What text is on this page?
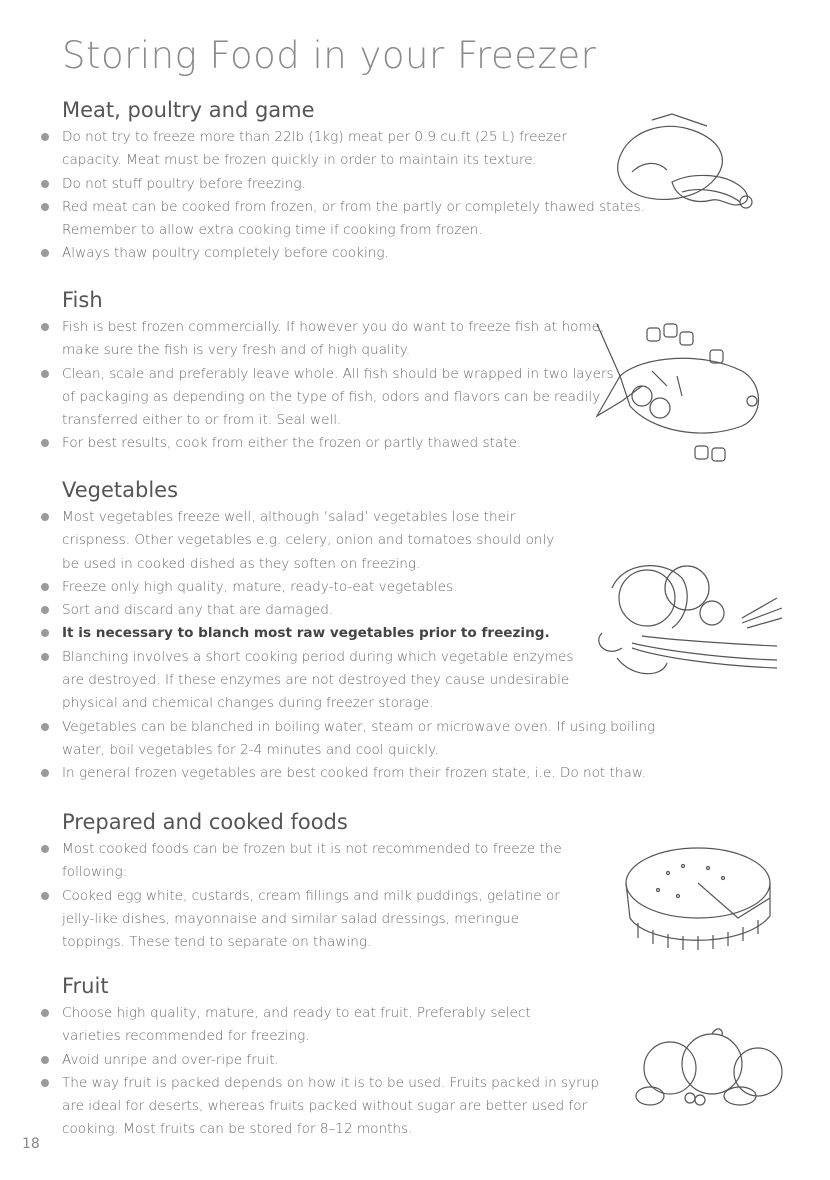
Storing Food in your Freezer
Meat, poultry and game
Do not try to freeze more than 22lb (1kg) meat per 0.9 cu.ft (25 L) freezer capacity. Meat must be frozen quickly in order to maintain its texture.
Do not stuff poultry before freezing.
Red meat can be cooked from frozen, or from the partly or completely thawed states. Remember to allow extra cooking time if cooking from frozen.
Always thaw poultry completely before cooking.
Fish
Fish is best frozen commercially. If however you do want to freeze fish at home, make sure the fish is very fresh and of high quality.
Clean, scale and preferably leave whole. All fish should be wrapped in two layers of packaging as depending on the type of fish, odors and flavors can be readily transferred either to or from it. Seal well.
For best results, cook from either the frozen or partly thawed state.
Vegetables
Most vegetables freeze well, although ‘salad’ vegetables lose their crispness. Other vegetables e.g. celery, onion and tomatoes should only be used in cooked dished as they soften on freezing.
Freeze only high quality, mature, ready-to-eat vegetables.
Sort and discard any that are damaged.
It is necessary to blanch most raw vegetables prior to freezing.
Blanching involves a short cooking period during which vegetable enzymes are destroyed. If these enzymes are not destroyed they cause undesirable physical and chemical changes during freezer storage.
Vegetables can be blanched in boiling water, steam or microwave oven. If using boiling water, boil vegetables for 2-4 minutes and cool quickly.
In general frozen vegetables are best cooked from their frozen state, i.e. Do not thaw.
Prepared and cooked foods
Most cooked foods can be frozen but it is not recommended to freeze the following:
Cooked egg white, custards, cream fillings and milk puddings, gelatine or jelly-like dishes, mayonnaise and similar salad dressings, meringue toppings. These tend to separate on thawing.
Fruit
Choose high quality, mature, and ready to eat fruit. Preferably select varieties recommended for freezing.
Avoid unripe and over-ripe fruit.
The way fruit is packed depends on how it is to be used. Fruits packed in syrup are ideal for deserts, whereas fruits packed without sugar are better used for cooking. Most fruits can be stored for 8–12 months.
18
